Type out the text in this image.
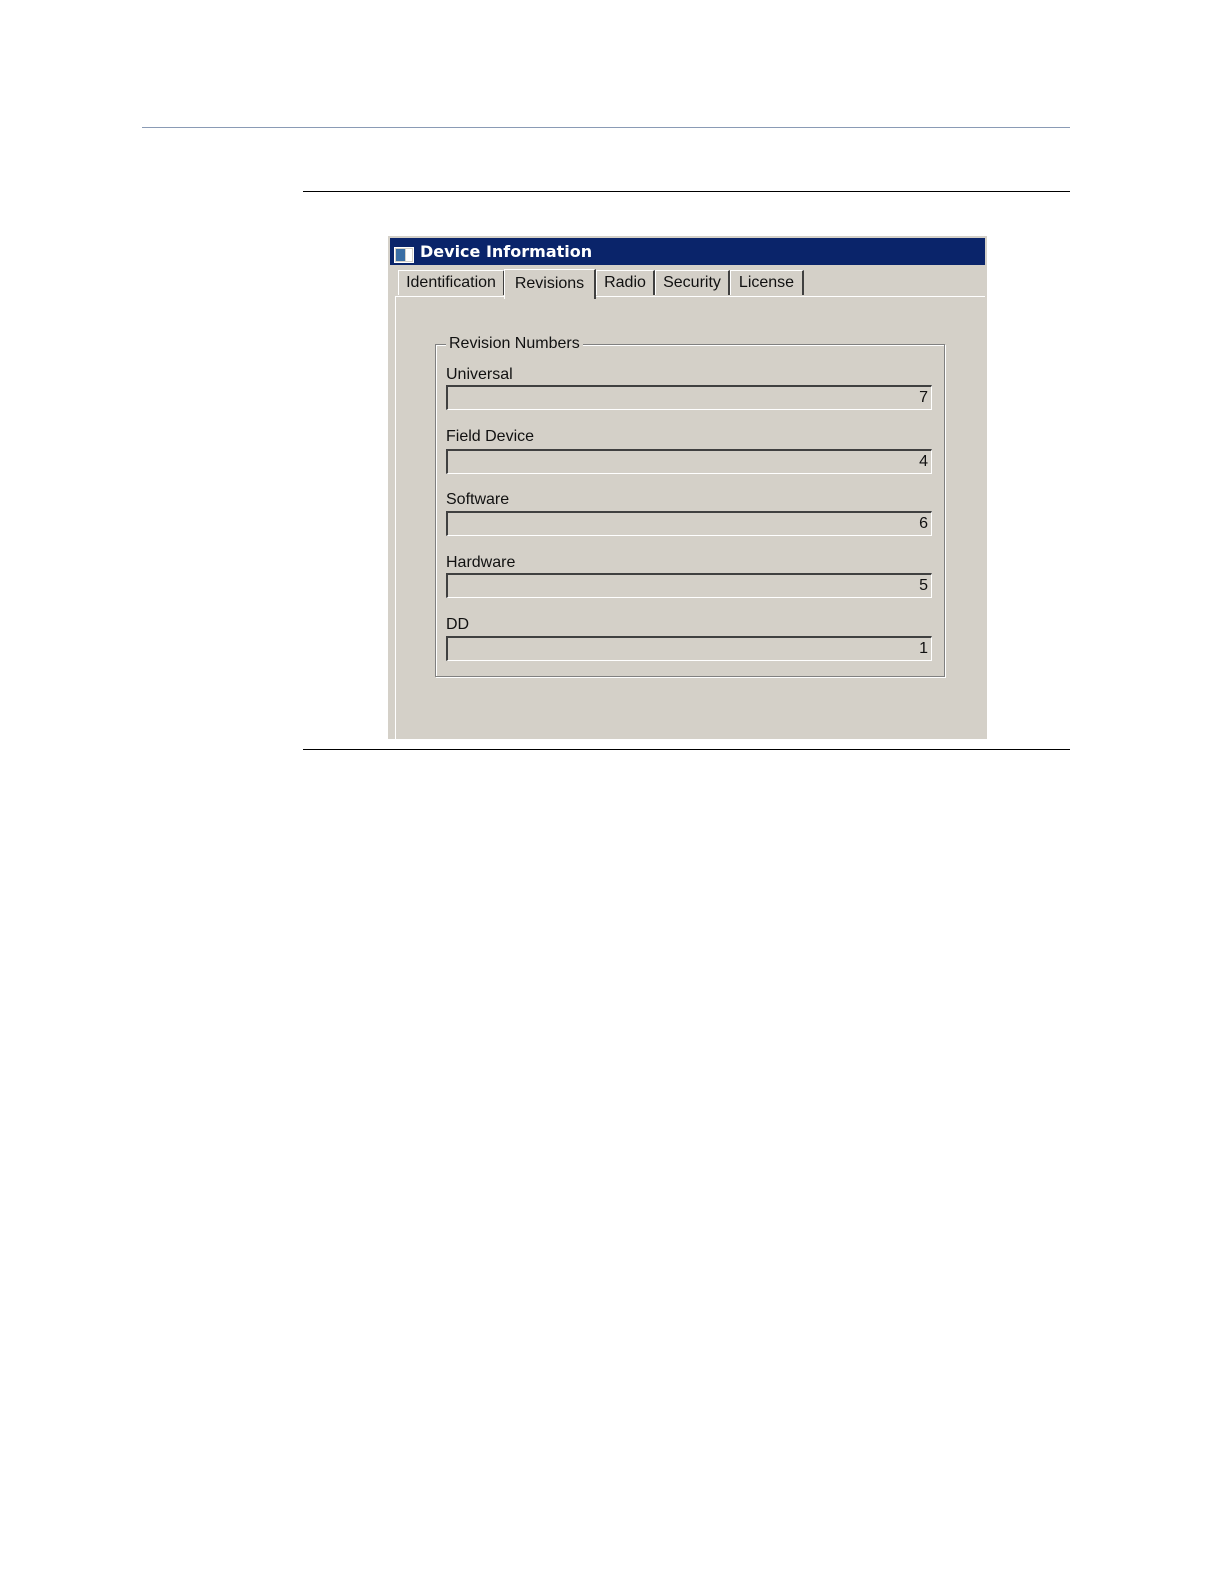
Device Information
Identification	Revisions	Radio	Security	License
Revision Numbers
Universal
7
Field Device
4
Software
6
Hardware
5
DD
1
